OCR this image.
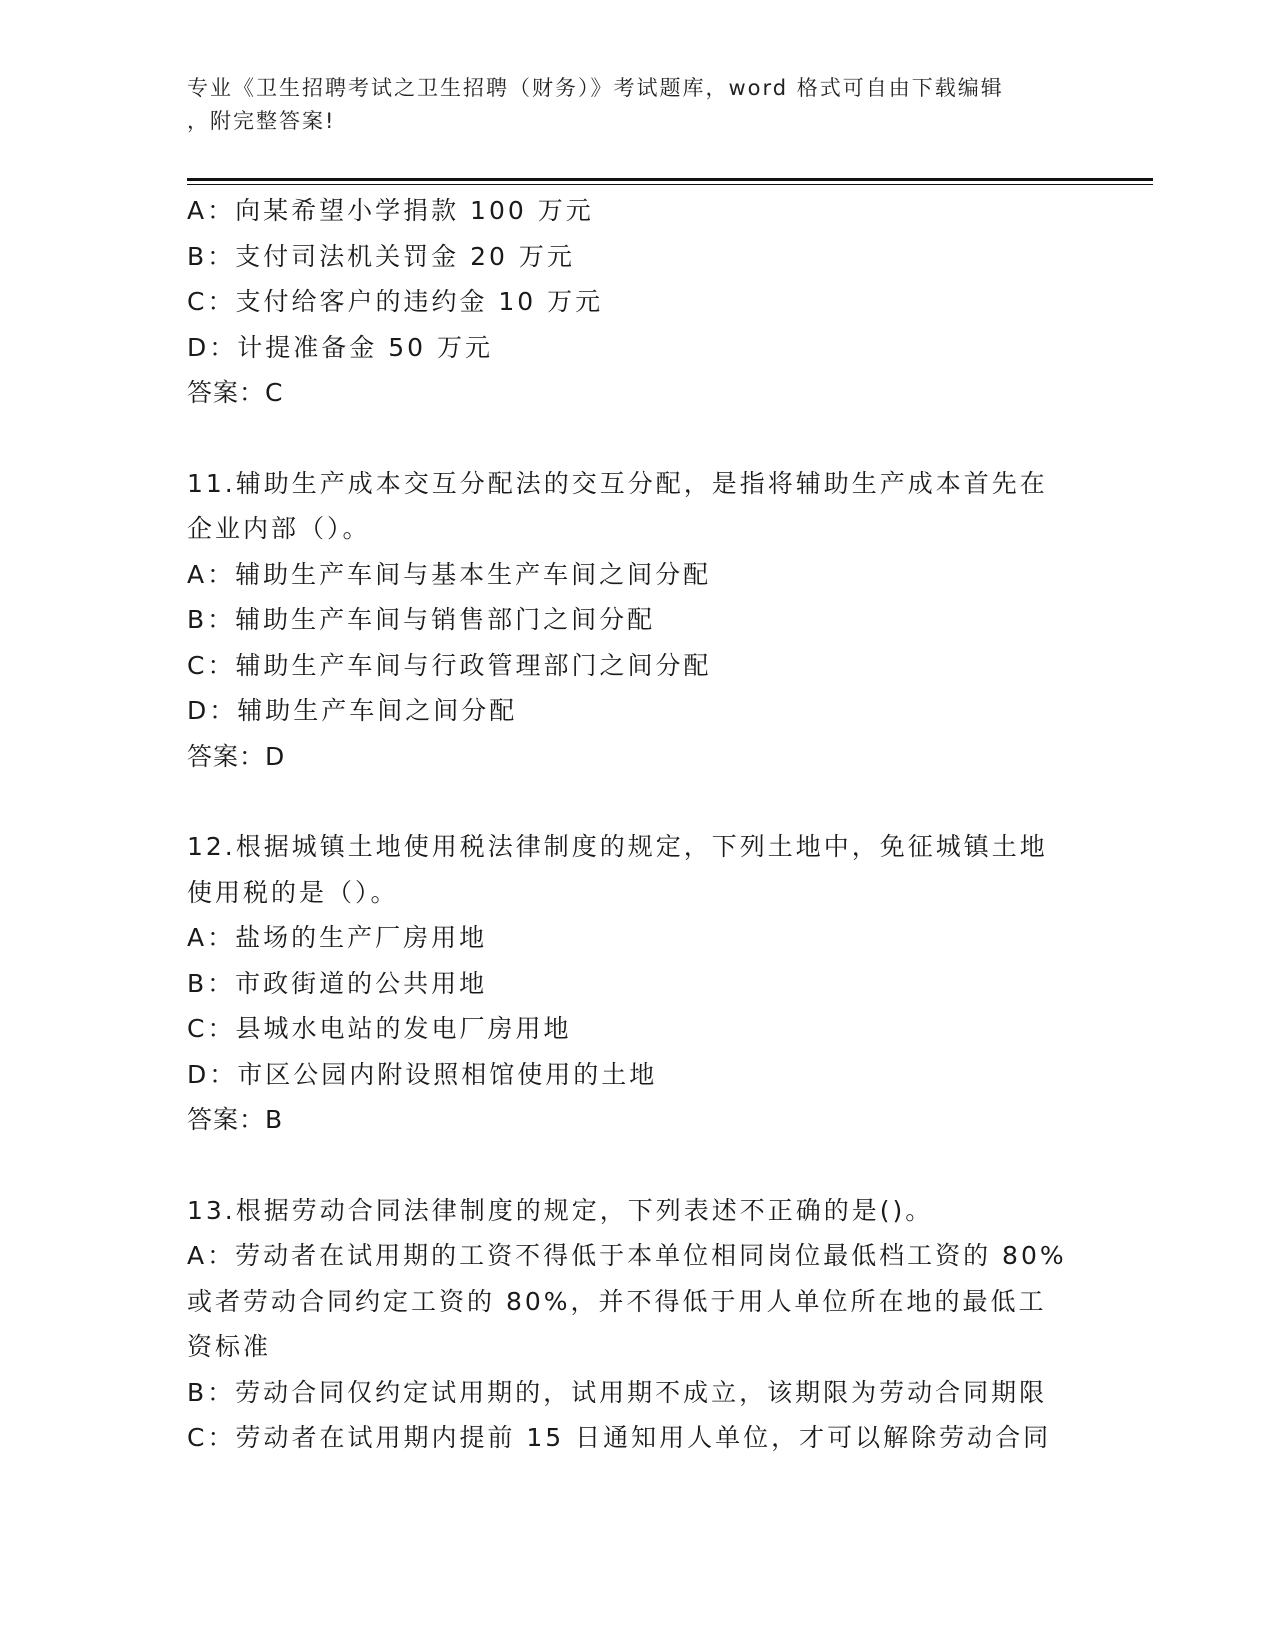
专业《卫生招聘考试之卫生招聘（财务）》考试题库，word 格式可自由下载编辑
，附完整答案!
A：向某希望小学捐款 100 万元
B：支付司法机关罚金 20 万元
C：支付给客户的违约金 10 万元
D：计提准备金 50 万元
答案：C
11.辅助生产成本交互分配法的交互分配，是指将辅助生产成本首先在
企业内部（）。
A：辅助生产车间与基本生产车间之间分配
B：辅助生产车间与销售部门之间分配
C：辅助生产车间与行政管理部门之间分配
D：辅助生产车间之间分配
答案：D
12.根据城镇土地使用税法律制度的规定，下列土地中，免征城镇土地
使用税的是（）。
A：盐场的生产厂房用地
B：市政街道的公共用地
C：县城水电站的发电厂房用地
D：市区公园内附设照相馆使用的土地
答案：B
13.根据劳动合同法律制度的规定，下列表述不正确的是()。
A：劳动者在试用期的工资不得低于本单位相同岗位最低档工资的 80%
或者劳动合同约定工资的 80%，并不得低于用人单位所在地的最低工
资标准
B：劳动合同仅约定试用期的，试用期不成立，该期限为劳动合同期限
C：劳动者在试用期内提前 15 日通知用人单位，才可以解除劳动合同
